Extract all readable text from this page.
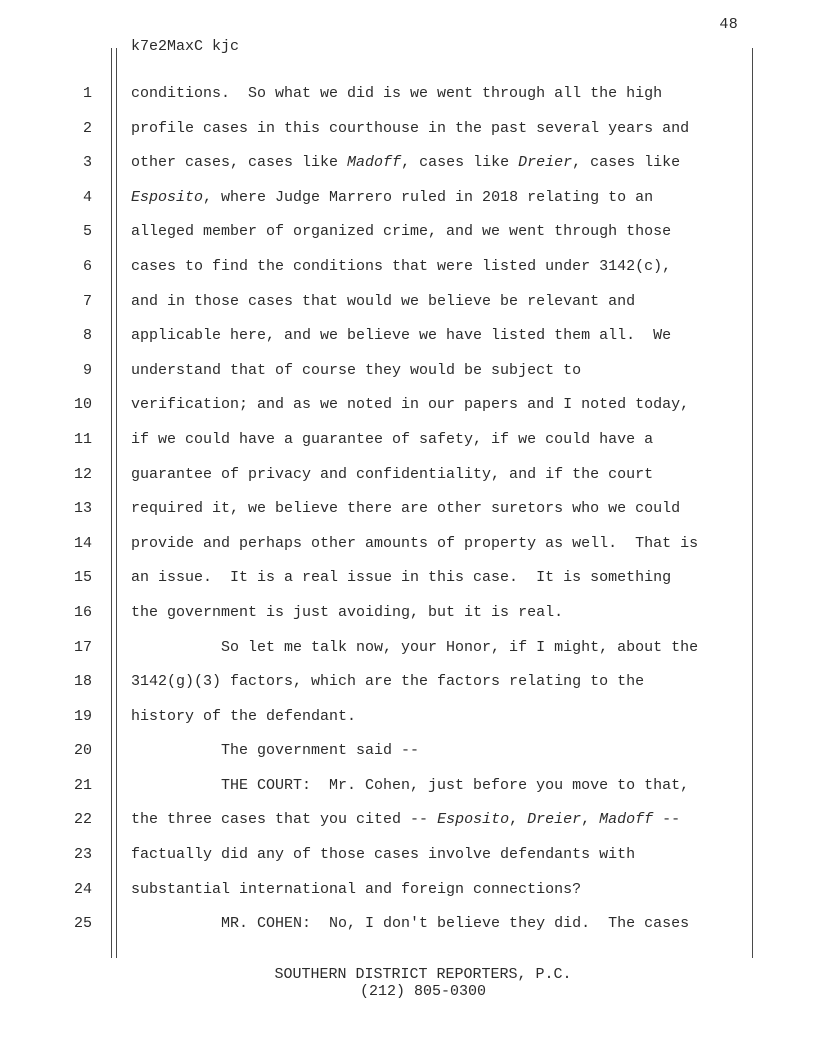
48
k7e2MaxC kjc
1	conditions.  So what we did is we went through all the high
2	profile cases in this courthouse in the past several years and
3	other cases, cases like Madoff, cases like Dreier, cases like
4	Esposito, where Judge Marrero ruled in 2018 relating to an
5	alleged member of organized crime, and we went through those
6	cases to find the conditions that were listed under 3142(c),
7	and in those cases that would we believe be relevant and
8	applicable here, and we believe we have listed them all.  We
9	understand that of course they would be subject to
10	verification; and as we noted in our papers and I noted today,
11	if we could have a guarantee of safety, if we could have a
12	guarantee of privacy and confidentiality, and if the court
13	required it, we believe there are other suretors who we could
14	provide and perhaps other amounts of property as well.  That is
15	an issue.  It is a real issue in this case.  It is something
16	the government is just avoiding, but it is real.
17	So let me talk now, your Honor, if I might, about the
18	3142(g)(3) factors, which are the factors relating to the
19	history of the defendant.
20	The government said --
21	THE COURT:  Mr. Cohen, just before you move to that,
22	the three cases that you cited -- Esposito, Dreier, Madoff --
23	factually did any of those cases involve defendants with
24	substantial international and foreign connections?
25	MR. COHEN:  No, I don't believe they did.  The cases
SOUTHERN DISTRICT REPORTERS, P.C.
(212) 805-0300
